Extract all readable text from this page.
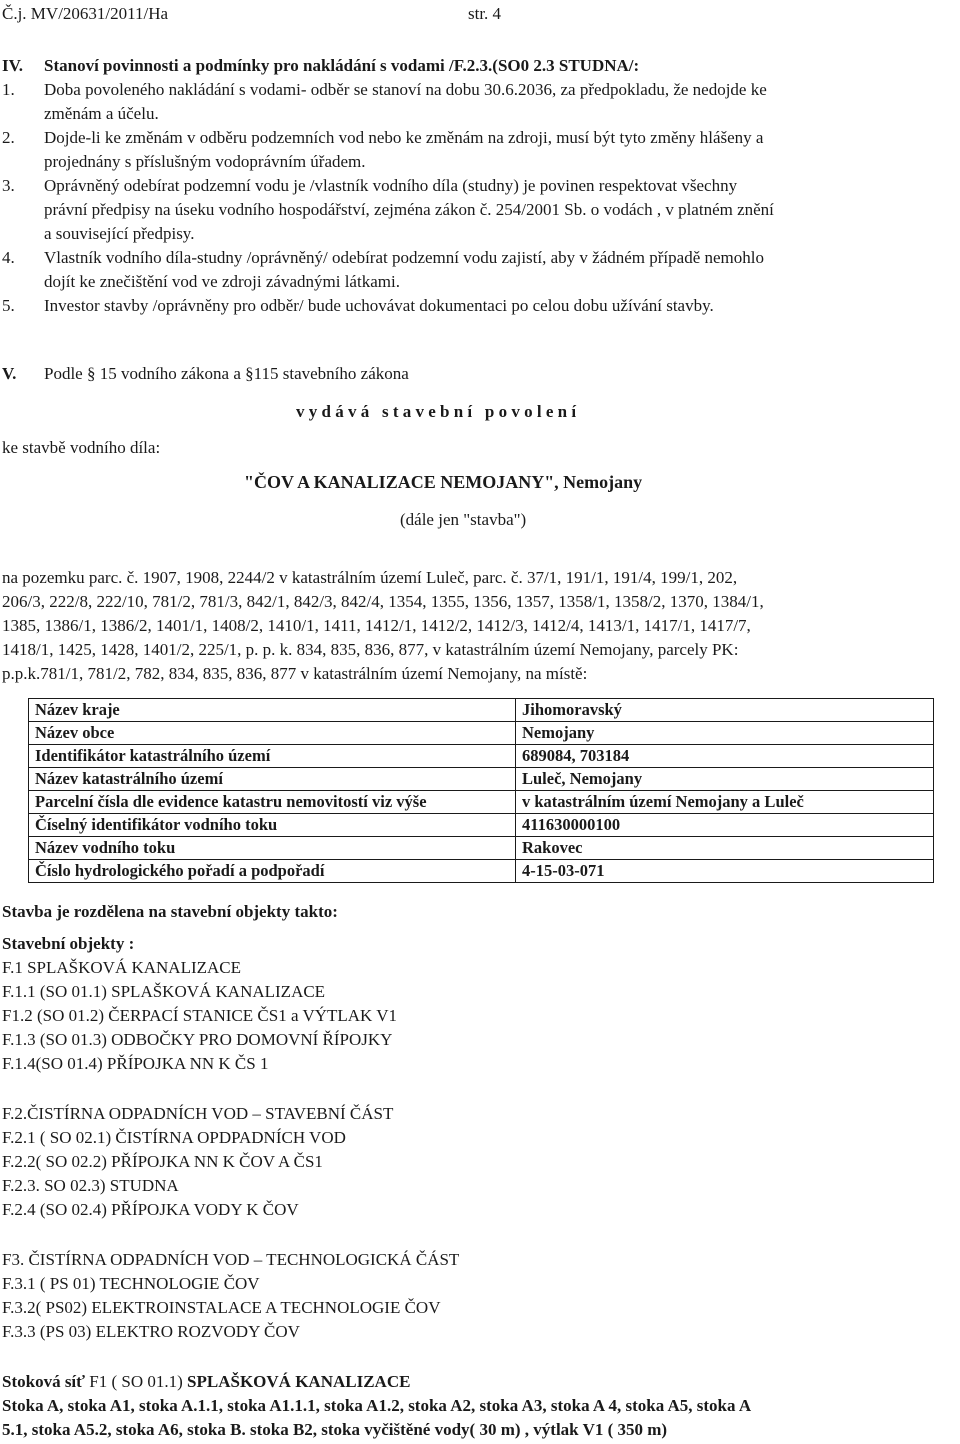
Č.j. MV/20631/2011/Ha	str. 4
IV. Stanoví povinnosti a podmínky pro nakládání s vodami /F.2.3.(SO0 2.3 STUDNA/:
1. Doba povoleného nakládání s vodami- odběr se stanoví na dobu 30.6.2036, za předpokladu, že nedojde ke
změnám a účelu.
2. Dojde-li ke změnám v odběru podzemních vod nebo ke změnám na zdroji, musí být tyto změny hlášeny a
projednány s příslušným vodoprávním úřadem.
3. Oprávněný odebírat podzemní vodu je /vlastník vodního díla (studny) je povinen respektovat všechny
právní předpisy na úseku vodního hospodářství, zejména zákon č. 254/2001 Sb. o vodách , v platném znění
a související předpisy.
4. Vlastník vodního díla-studny /oprávněný/ odebírat podzemní vodu zajistí, aby v žádném případě nemohlo
dojít ke znečištění vod ve zdroji závadnými látkami.
5. Investor stavby /oprávněny pro odběr/ bude uchovávat dokumentaci po celou dobu užívání stavby.
V. Podle § 15 vodního zákona a §115 stavebního zákona
v y d á v á   s t a v e b n í   p o v o l e n í
ke stavbě vodního díla:
"ČOV A KANALIZACE NEMOJANY", Nemojany
(dále jen "stavba")
na pozemku parc. č. 1907, 1908, 2244/2 v katastrálním území Luleč, parc. č. 37/1, 191/1, 191/4, 199/1, 202,
206/3, 222/8, 222/10, 781/2, 781/3, 842/1, 842/3, 842/4, 1354, 1355, 1356, 1357, 1358/1, 1358/2, 1370, 1384/1,
1385, 1386/1, 1386/2, 1401/1, 1408/2, 1410/1, 1411, 1412/1, 1412/2, 1412/3, 1412/4, 1413/1, 1417/1, 1417/7,
1418/1, 1425, 1428, 1401/2, 225/1, p. p. k. 834, 835, 836, 877, v katastrálním území Nemojany, parcely PK:
p.p.k.781/1, 781/2, 782, 834, 835, 836, 877 v katastrálním území Nemojany, na místě:
Název kraje	Jihomoravský
Název obce	Nemojany
Identifikátor katastrálního území	689084, 703184
Název katastrálního území	Luleč, Nemojany
Parcelní čísla dle evidence katastru nemovitostí viz výše	v katastrálním území Nemojany a Luleč
Číselný identifikátor vodního toku	411630000100
Název vodního toku	Rakovec
Číslo hydrologického pořadí a podpořadí	4-15-03-071
Stavba je rozdělena na stavební objekty takto:
Stavební objekty :
F.1 SPLAŠKOVÁ KANALIZACE
F.1.1 (SO 01.1) SPLAŠKOVÁ KANALIZACE
F1.2 (SO 01.2) ČERPACÍ STANICE ČS1 a VÝTLAK V1
F.1.3 (SO 01.3) ODBOČKY PRO DOMOVNÍ ŘÍPOJKY
F.1.4(SO 01.4) PŘÍPOJKA NN K ČS 1
F.2.ČISTÍRNA ODPADNÍCH VOD – STAVEBNÍ ČÁST
F.2.1 ( SO 02.1) ČISTÍRNA OPDPADNÍCH VOD
F.2.2( SO 02.2) PŘÍPOJKA NN K ČOV A ČS1
F.2.3. SO 02.3) STUDNA
F.2.4 (SO 02.4) PŘÍPOJKA VODY K ČOV
F3. ČISTÍRNA ODPADNÍCH VOD – TECHNOLOGICKÁ ČÁST
F.3.1 ( PS 01) TECHNOLOGIE ČOV
F.3.2( PS02) ELEKTROINSTALACE A TECHNOLOGIE ČOV
F.3.3 (PS 03) ELEKTRO ROZVODY ČOV
Stoková síť F1 ( SO 01.1) SPLAŠKOVÁ KANALIZACE
Stoka A, stoka A1, stoka A.1.1, stoka A1.1.1, stoka A1.2, stoka A2, stoka A3, stoka A 4, stoka A5, stoka A
5.1, stoka A5.2, stoka A6, stoka B. stoka B2, stoka vyčištěné vody( 30 m) , výtlak V1 ( 350 m)
